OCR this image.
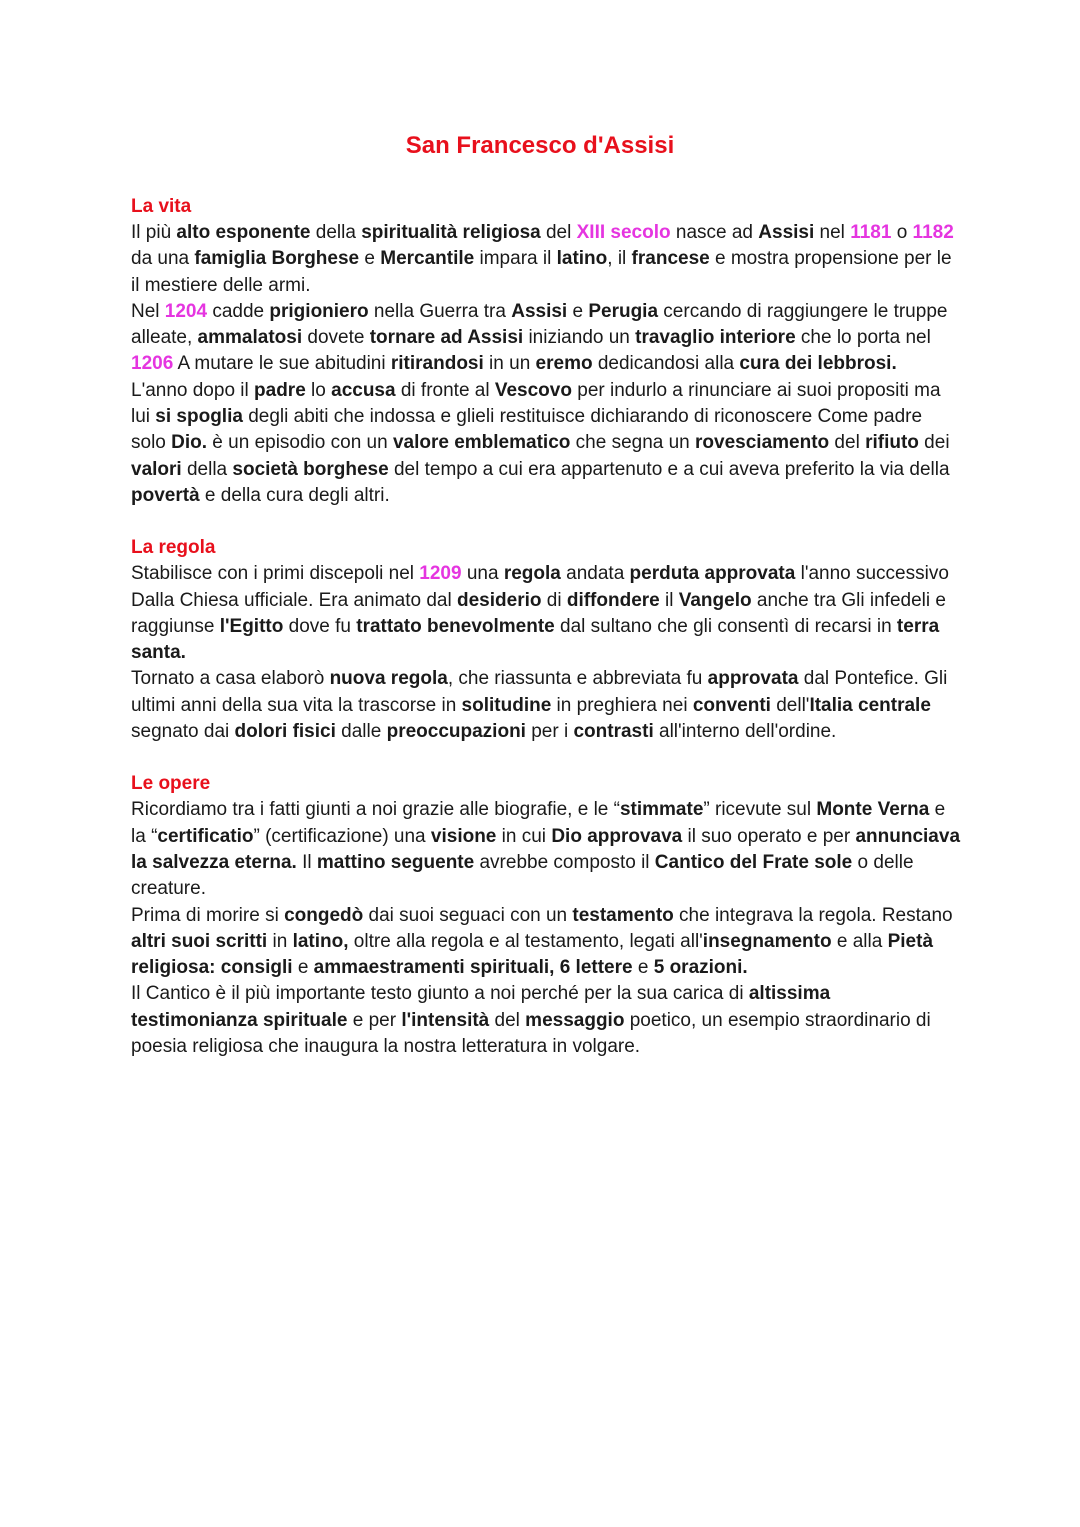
San Francesco d'Assisi
La vita

Il più alto esponente della spiritualità religiosa del XIII secolo nasce ad Assisi nel 1181 o 1182 da una famiglia Borghese e Mercantile impara il latino, il francese e mostra propensione per le il mestiere delle armi.

Nel 1204 cadde prigioniero nella Guerra tra Assisi e Perugia cercando di raggiungere le truppe alleate, ammalatosi dovete tornare ad Assisi iniziando un travaglio interiore che lo porta nel 1206 A mutare le sue abitudini ritirandosi in un eremo dedicandosi alla cura dei lebbrosi.

L'anno dopo il padre lo accusa di fronte al Vescovo per indurlo a rinunciare ai suoi propositi ma lui si spoglia degli abiti che indossa e glieli restituisce dichiarando di riconoscere Come padre solo Dio. è un episodio con un valore emblematico che segna un rovesciamento del rifiuto dei valori della società borghese del tempo a cui era appartenuto e a cui aveva preferito la via della povertà e della cura degli altri.

La regola

Stabilisce con i primi discepoli nel 1209 una regola andata perduta approvata l'anno successivo Dalla Chiesa ufficiale. Era animato dal desiderio di diffondere il Vangelo anche tra Gli infedeli e raggiunse l'Egitto dove fu trattato benevolmente dal sultano che gli consentì di recarsi in terra santa.

Tornato a casa elaborò nuova regola, che riassunta e abbreviata fu approvata dal Pontefice. Gli ultimi anni della sua vita la trascorse in solitudine in preghiera nei conventi dell'Italia centrale segnato dai dolori fisici dalle preoccupazioni per i contrasti all'interno dell'ordine.

Le opere

Ricordiamo tra i fatti giunti a noi grazie alle biografie, e le “stimmate” ricevute sul Monte Verna e la “certificatio” (certificazione) una visione in cui Dio approvava il suo operato e per annunciava la salvezza eterna. Il mattino seguente avrebbe composto il Cantico del Frate sole o delle creature.

Prima di morire si congedò dai suoi seguaci con un testamento che integrava la regola. Restano altri suoi scritti in latino, oltre alla regola e al testamento, legati all'insegnamento e alla Pietà religiosa: consigli e ammaestramenti spirituali, 6 lettere e 5 orazioni.

Il Cantico è il più importante testo giunto a noi perché per la sua carica di altissima testimonianza spirituale e per l'intensità del messaggio poetico, un esempio straordinario di poesia religiosa che inaugura la nostra letteratura in volgare.
